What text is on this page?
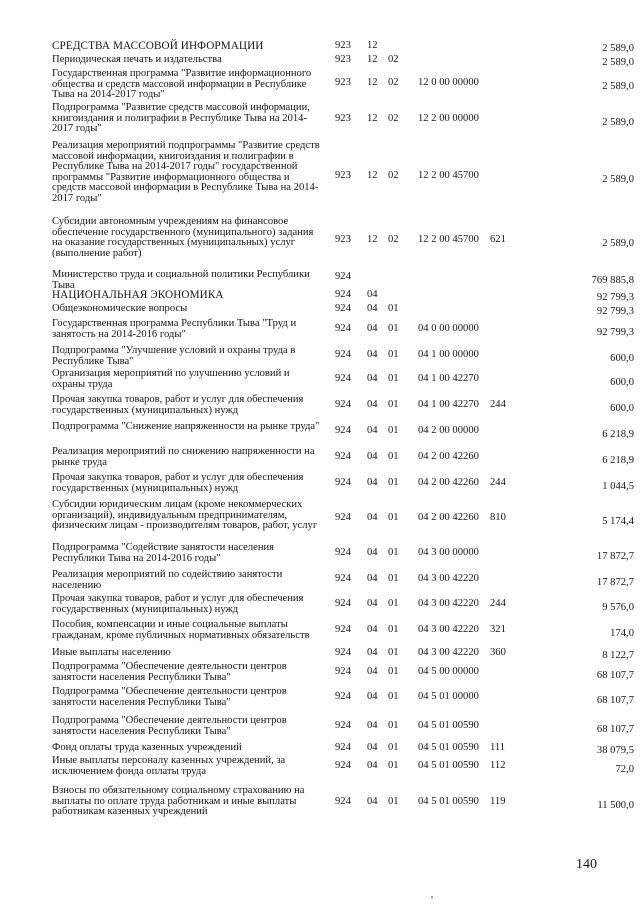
СРЕДСТВА МАССОВОЙ ИНФОРМАЦИИ	923 12	2 589,0
Периодическая печать и издательства	923 12 02	2 589,0
Государственная программа "Развитие информационного общества и средств массовой информации в Республике Тыва на 2014-2017 годы"
923 12 02 12 0 00 00000	2 589,0
Подпрограмма "Развитие средств массовой информации, книгоиздания и полиграфии в Республике Тыва на 2014-2017 годы"
923 12 02 12 2 00 00000	2 589,0
Реализация мероприятий подпрограммы "Развитие средств массовой информации, книгоиздания и полиграфии в Республике Тыва на 2014-2017 годы" государственной программы "Развитие информационного общества и средств массовой информации в Республике Тыва на 2014-2017 годы"
923 12 02 12 2 00 45700	2 589,0
Субсидии автономным учреждениям на финансовое обеспечение государственного (муниципального) задания на оказание государственных (муниципальных) услуг (выполнение работ)
923 12 02 12 2 00 45700 621	2 589,0
Министерство труда и социальной политики Республики Тыва
924	769 885,8
НАЦИОНАЛЬНАЯ ЭКОНОМИКА	924 04	92 799,3
Общеэкономические вопросы	924 04 01	92 799,3
Государственная программа Республики Тыва "Труд и занятость на 2014-2016 годы"
924 04 01 04 0 00 00000	92 799,3
Подпрограмма "Улучшение условий и охраны труда в Республике Тыва"
924 04 01 04 1 00 00000	600,0
Организация мероприятий по улучшению условий и охраны труда
924 04 01 04 1 00 42270	600,0
Прочая закупка товаров, работ и услуг для обеспечения государственных (муниципальных) нужд
924 04 01 04 1 00 42270 244	600,0
Подпрограмма "Снижение напряженности на рынке труда" 924 04 01 04 2 00 00000	6 218,9
Реализация мероприятий по снижению напряженности на рынке труда
924 04 01 04 2 00 42260	6 218,9
Прочая закупка товаров, работ и услуг для обеспечения государственных (муниципальных) нужд
924 04 01 04 2 00 42260 244	1 044,5
Субсидии юридическим лицам (кроме некоммерческих организаций), индивидуальным предпринимателям, физическим лицам - производителям товаров, работ, услуг
924 04 01 04 2 00 42260 810	5 174,4
Подпрограмма "Содействие занятости населения Республики Тыва на 2014-2016 годы"
924 04 01 04 3 00 00000	17 872,7
Реализация мероприятий по содействию занятости населению
924 04 01 04 3 00 42220	17 872,7
Прочая закупка товаров, работ и услуг для обеспечения государственных (муниципальных) нужд
924 04 01 04 3 00 42220 244	9 576,0
Пособия, компенсации и иные социальные выплаты гражданам, кроме публичных нормативных обязательств
924 04 01 04 3 00 42220 321	174,0
Иные выплаты населению	924 04 01 04 3 00 42220 360	8 122,7
Подпрограмма "Обеспечение деятельности центров занятости населения Республики Тыва"
924 04 01 04 5 00 00000	68 107,7
Подпрограмма "Обеспечение деятельности центров занятости населения Республики Тыва"
924 04 01 04 5 01 00000	68 107,7
Подпрограмма "Обеспечение деятельности центров занятости населения Республики Тыва"
924 04 01 04 5 01 00590	68 107,7
Фонд оплаты труда казенных учреждений	924 04 01 04 5 01 00590 111	38 079,5
Иные выплаты персоналу казенных учреждений, за исключением фонда оплаты труда
924 04 01 04 5 01 00590 112	72,0
Взносы по обязательному социальному страхованию на выплаты по оплате труда работникам и иные выплаты работникам казенных учреждений
924 04 01 04 5 01 00590 119	11 500,0
140
